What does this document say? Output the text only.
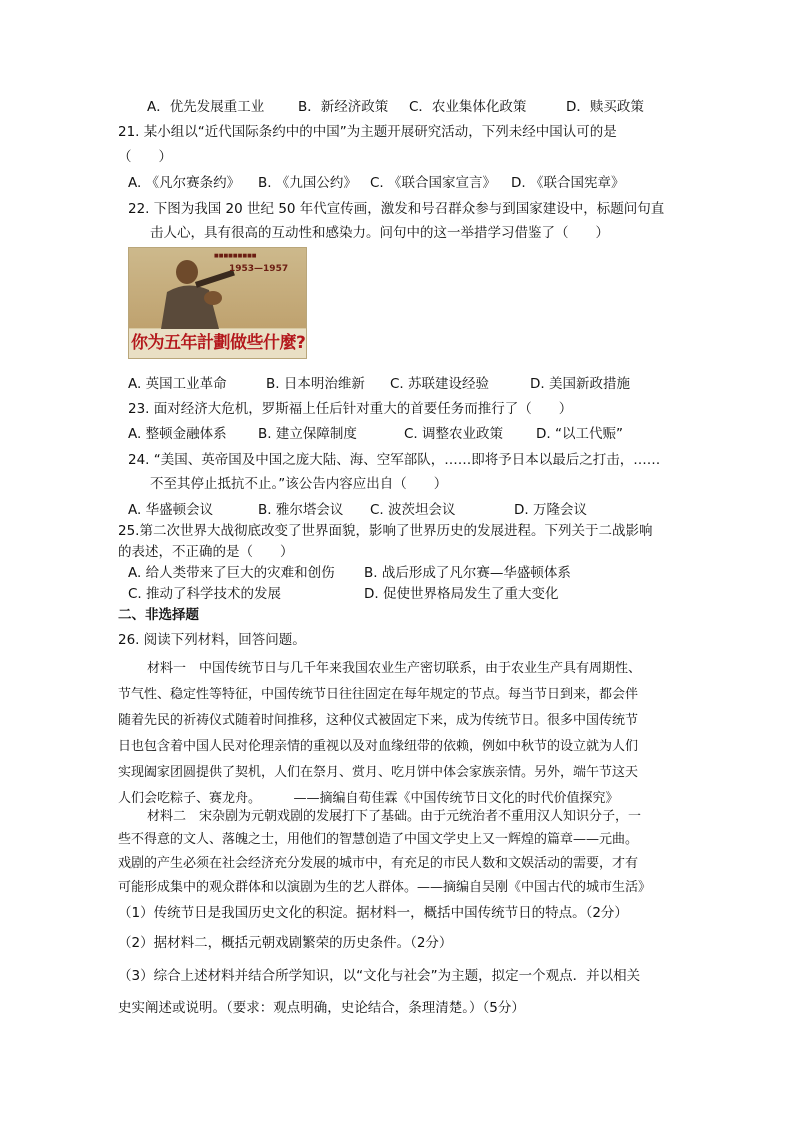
A．优先发展重工业	B．新经济政策 C．农业集体化政策	D．赎买政策
21. 某小组以“近代国际条约中的中国”为主题开展研究活动，下列未经中国认可的是
（　　）
A. 《凡尔赛条约》 B. 《九国公约》 C. 《联合国家宣言》 D. 《联合国宪章》
22. 下图为我国 20 世纪 50 年代宣传画，激发和号召群众参与到国家建设中，标题问句直
击人心，具有很高的互动性和感染力。问句中的这一举措学习借鉴了（　　）
■■■■■■■■■
1953—1957
你为五年計劃做些什麼?
A. 英国工业革命	B. 日本明治维新 C. 苏联建设经验	D. 美国新政措施
23. 面对经济大危机，罗斯福上任后针对重大的首要任务而推行了（　　）
A. 整顿金融体系 B. 建立保障制度	C. 调整农业政策 D. “以工代赈”
24. “美国、英帝国及中国之庞大陆、海、空军部队，……即将予日本以最后之打击，……
不至其停止抵抗不止。”该公告内容应出自（　　）
A. 华盛顿会议	B. 雅尔塔会议 C. 波茨坦会议	D. 万隆会议
25.第二次世界大战彻底改变了世界面貌，影响了世界历史的发展进程。下列关于二战影响
的表述，不正确的是（　　）
A. 给人类带来了巨大的灾难和创伤 B. 战后形成了凡尔赛—华盛顿体系
C. 推动了科学技术的发展	D. 促使世界格局发生了重大变化
二、非选择题
26. 阅读下列材料，回答问题。
材料一　中国传统节日与几千年来我国农业生产密切联系，由于农业生产具有周期性、
节气性、稳定性等特征，中国传统节日往往固定在每年规定的节点。每当节日到来，都会伴
随着先民的祈祷仪式随着时间推移，这种仪式被固定下来，成为传统节日。很多中国传统节
日也包含着中国人民对伦理亲情的重视以及对血缘纽带的依赖，例如中秋节的设立就为人们
实现阖家团圆提供了契机，人们在祭月、赏月、吃月饼中体会家族亲情。另外，端午节这天
人们会吃粽子、赛龙舟。　　　——摘编自荀佳霖《中国传统节日文化的时代价值探究》
材料二　宋杂剧为元朝戏剧的发展打下了基础。由于元统治者不重用汉人知识分子，一
些不得意的文人、落魄之士，用他们的智慧创造了中国文学史上又一辉煌的篇章——元曲。
戏剧的产生必须在社会经济充分发展的城市中，有充足的市民人数和文娱活动的需要，才有
可能形成集中的观众群体和以演剧为生的艺人群体。——摘编自吴刚《中国古代的城市生活》
（1）传统节日是我国历史文化的积淀。据材料一，概括中国传统节日的特点。（2分）
（2）据材料二，概括元朝戏剧繁荣的历史条件。（2分）
（3）综合上述材料并结合所学知识，以“文化与社会”为主题，拟定一个观点．并以相关
史实阐述或说明。（要求：观点明确，史论结合，条理清楚。）（5分）
